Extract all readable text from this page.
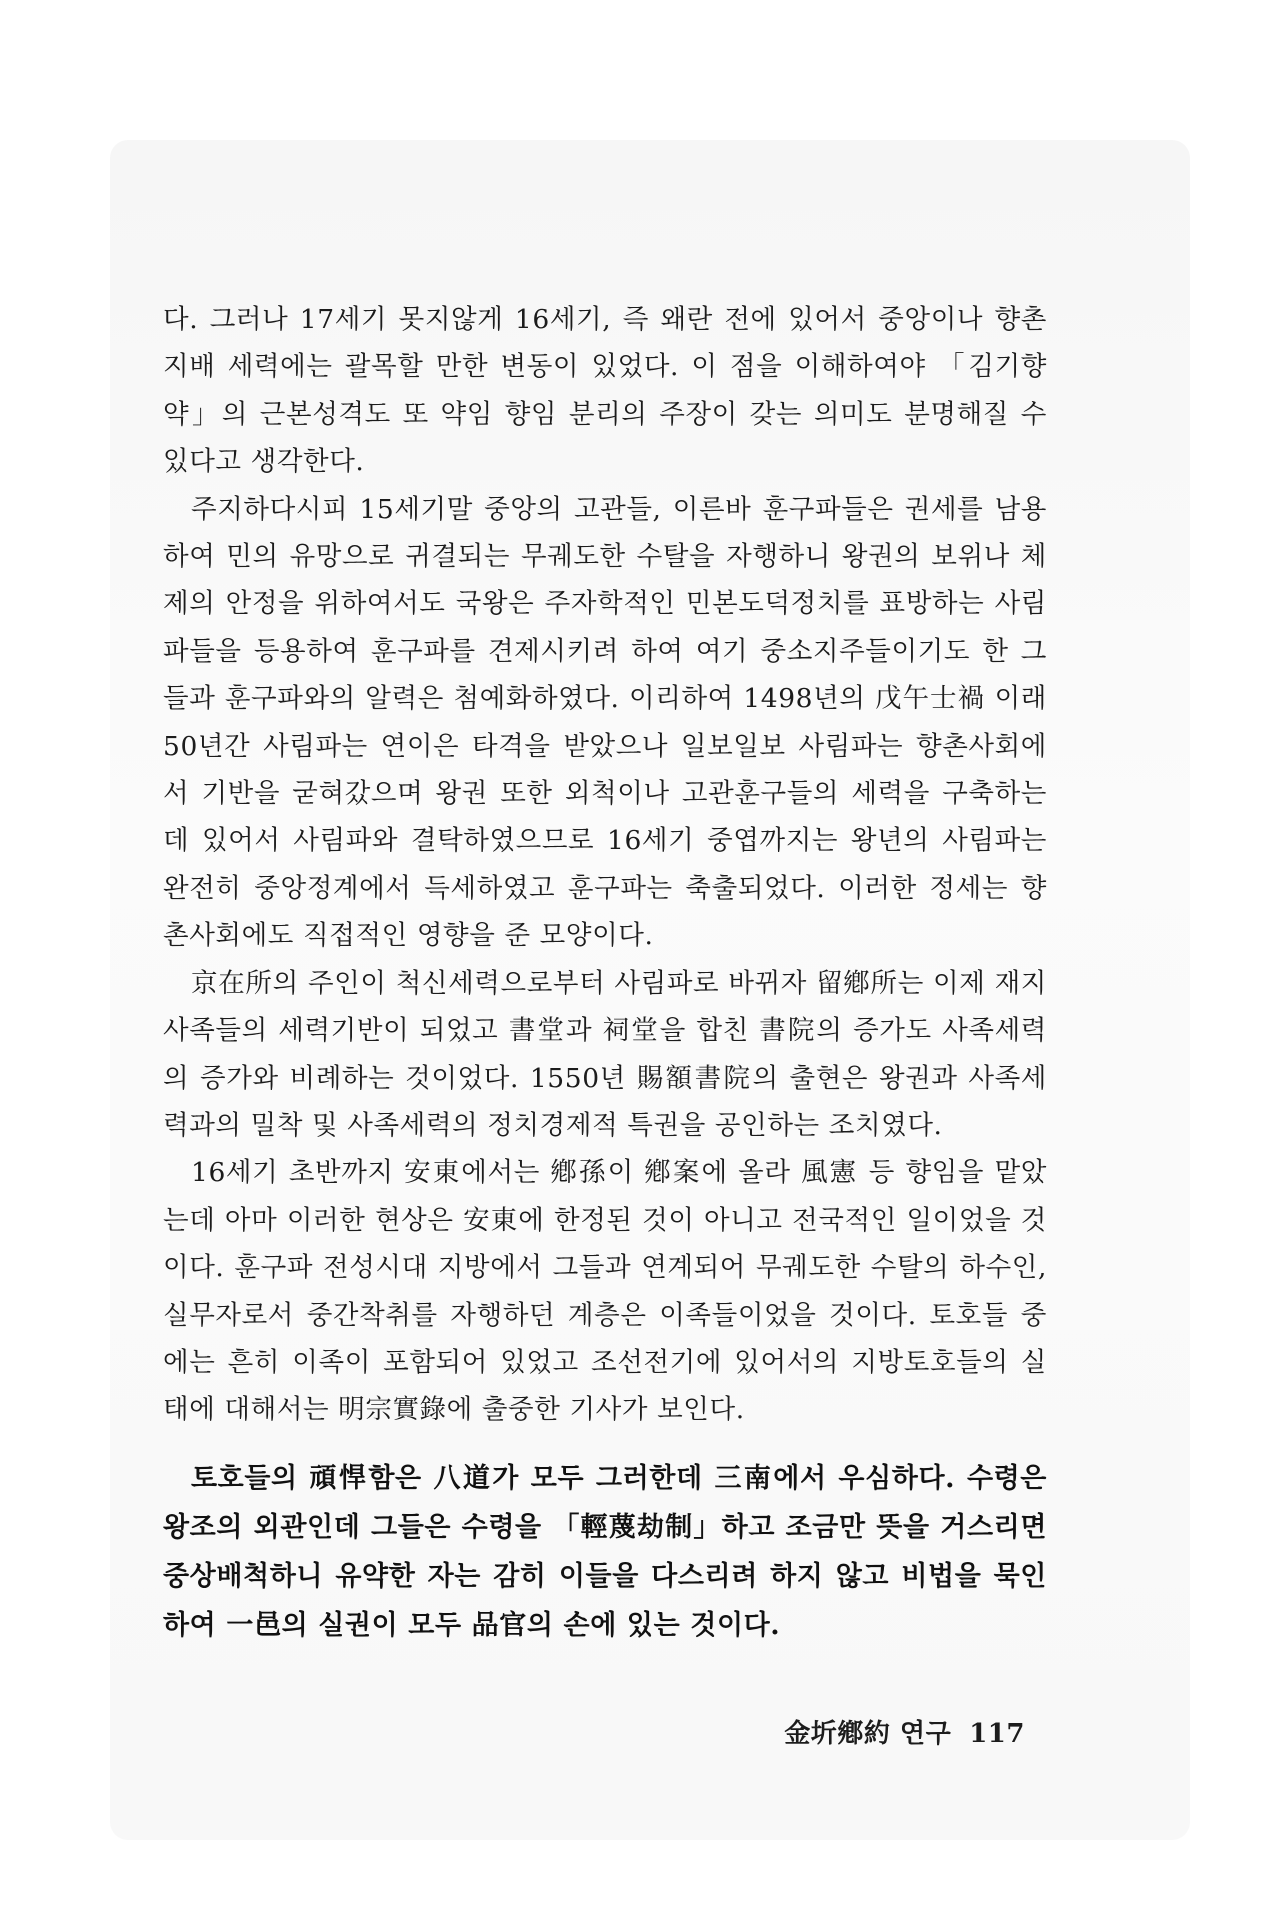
다. 그러나 17세기 못지않게 16세기, 즉 왜란 전에 있어서 중앙이나 향촌지배 세력에는 괄목할 만한 변동이 있었다. 이 점을 이해하여야 「김기향약」의 근본성격도 또 약임 향임 분리의 주장이 갖는 의미도 분명해질 수 있다고 생각한다.

주지하다시피 15세기말 중앙의 고관들, 이른바 훈구파들은 권세를 남용하여 민의 유망으로 귀결되는 무궤도한 수탈을 자행하니 왕권의 보위나 체제의 안정을 위하여서도 국왕은 주자학적인 민본도덕정치를 표방하는 사림파들을 등용하여 훈구파를 견제시키려 하여 여기 중소지주들이기도 한 그들과 훈구파와의 알력은 첨예화하였다. 이리하여 1498년의 戊午士禍 이래 50년간 사림파는 연이은 타격을 받았으나 일보일보 사림파는 향촌사회에서 기반을 굳혀갔으며 왕권 또한 외척이나 고관훈구들의 세력을 구축하는 데 있어서 사림파와 결탁하였으므로 16세기 중엽까지는 왕년의 사림파는 완전히 중앙정계에서 득세하였고 훈구파는 축출되었다. 이러한 정세는 향촌사회에도 직접적인 영향을 준 모양이다.

京在所의 주인이 척신세력으로부터 사림파로 바뀌자 留鄕所는 이제 재지사족들의 세력기반이 되었고 書堂과 祠堂을 합친 書院의 증가도 사족세력의 증가와 비례하는 것이었다. 1550년 賜額書院의 출현은 왕권과 사족세력과의 밀착 및 사족세력의 정치경제적 특권을 공인하는 조치였다.

16세기 초반까지 安東에서는 鄕孫이 鄕案에 올라 風憲 등 향임을 맡았는데 아마 이러한 현상은 安東에 한정된 것이 아니고 전국적인 일이었을 것이다. 훈구파 전성시대 지방에서 그들과 연계되어 무궤도한 수탈의 하수인, 실무자로서 중간착취를 자행하던 계층은 이족들이었을 것이다. 토호들 중에는 흔히 이족이 포함되어 있었고 조선전기에 있어서의 지방토호들의 실태에 대해서는 明宗實錄에 출중한 기사가 보인다.

토호들의 頑悍함은 八道가 모두 그러한데 三南에서 우심하다. 수령은 왕조의 외관인데 그들은 수령을 「輕蔑劫制」하고 조금만 뜻을 거스리면 중상배척하니 유약한 자는 감히 이들을 다스리려 하지 않고 비법을 묵인하여 一邑의 실권이 모두 品官의 손에 있는 것이다.

金圻鄕約 연구 117
